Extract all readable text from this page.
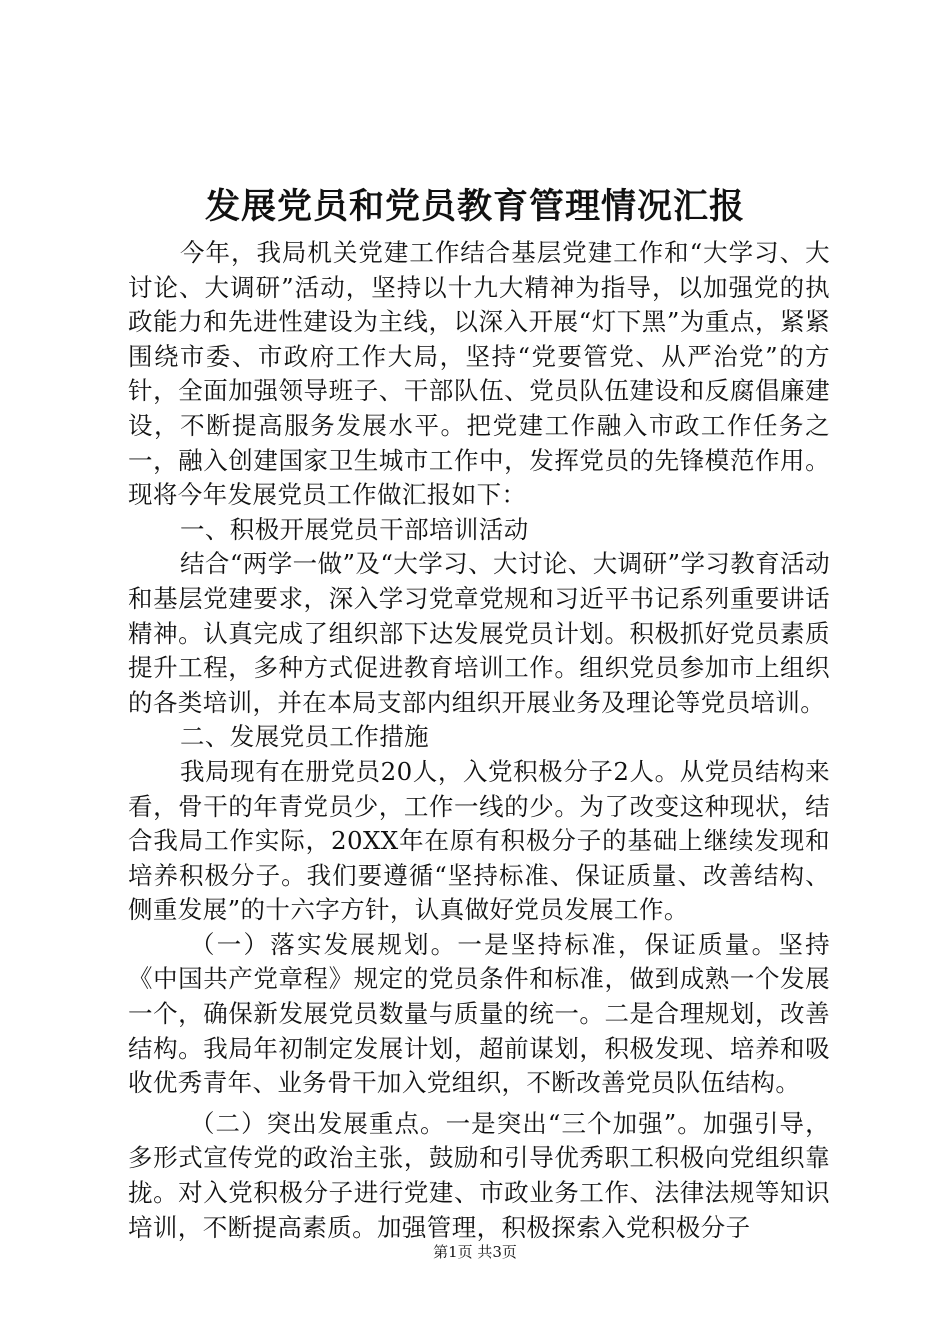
发展党员和党员教育管理情况汇报

今年，我局机关党建工作结合基层党建工作和“大学习、大讨论、大调研”活动，坚持以十九大精神为指导，以加强党的执政能力和先进性建设为主线，以深入开展“灯下黑”为重点，紧紧围绕市委、市政府工作大局，坚持“党要管党、从严治党”的方针，全面加强领导班子、干部队伍、党员队伍建设和反腐倡廉建设，不断提高服务发展水平。把党建工作融入市政工作任务之一，融入创建国家卫生城市工作中，发挥党员的先锋模范作用。现将今年发展党员工作做汇报如下：

一、积极开展党员干部培训活动

结合“两学一做”及“大学习、大讨论、大调研”学习教育活动和基层党建要求，深入学习党章党规和习近平书记系列重要讲话精神。认真完成了组织部下达发展党员计划。积极抓好党员素质提升工程，多种方式促进教育培训工作。组织党员参加市上组织的各类培训，并在本局支部内组织开展业务及理论等党员培训。

二、发展党员工作措施

我局现有在册党员20人，入党积极分子2人。从党员结构来看，骨干的年青党员少，工作一线的少。为了改变这种现状，结合我局工作实际，20XX年在原有积极分子的基础上继续发现和培养积极分子。我们要遵循“坚持标准、保证质量、改善结构、侧重发展”的十六字方针，认真做好党员发展工作。

（一）落实发展规划。一是坚持标准，保证质量。坚持《中国共产党章程》规定的党员条件和标准，做到成熟一个发展一个，确保新发展党员数量与质量的统一。二是合理规划，改善结构。我局年初制定发展计划，超前谋划，积极发现、培养和吸收优秀青年、业务骨干加入党组织，不断改善党员队伍结构。

（二）突出发展重点。一是突出“三个加强”。加强引导，多形式宣传党的政治主张，鼓励和引导优秀职工积极向党组织靠拢。对入党积极分子进行党建、市政业务工作、法律法规等知识培训，不断提高素质。加强管理，积极探索入党积极分子

第1页 共3页
